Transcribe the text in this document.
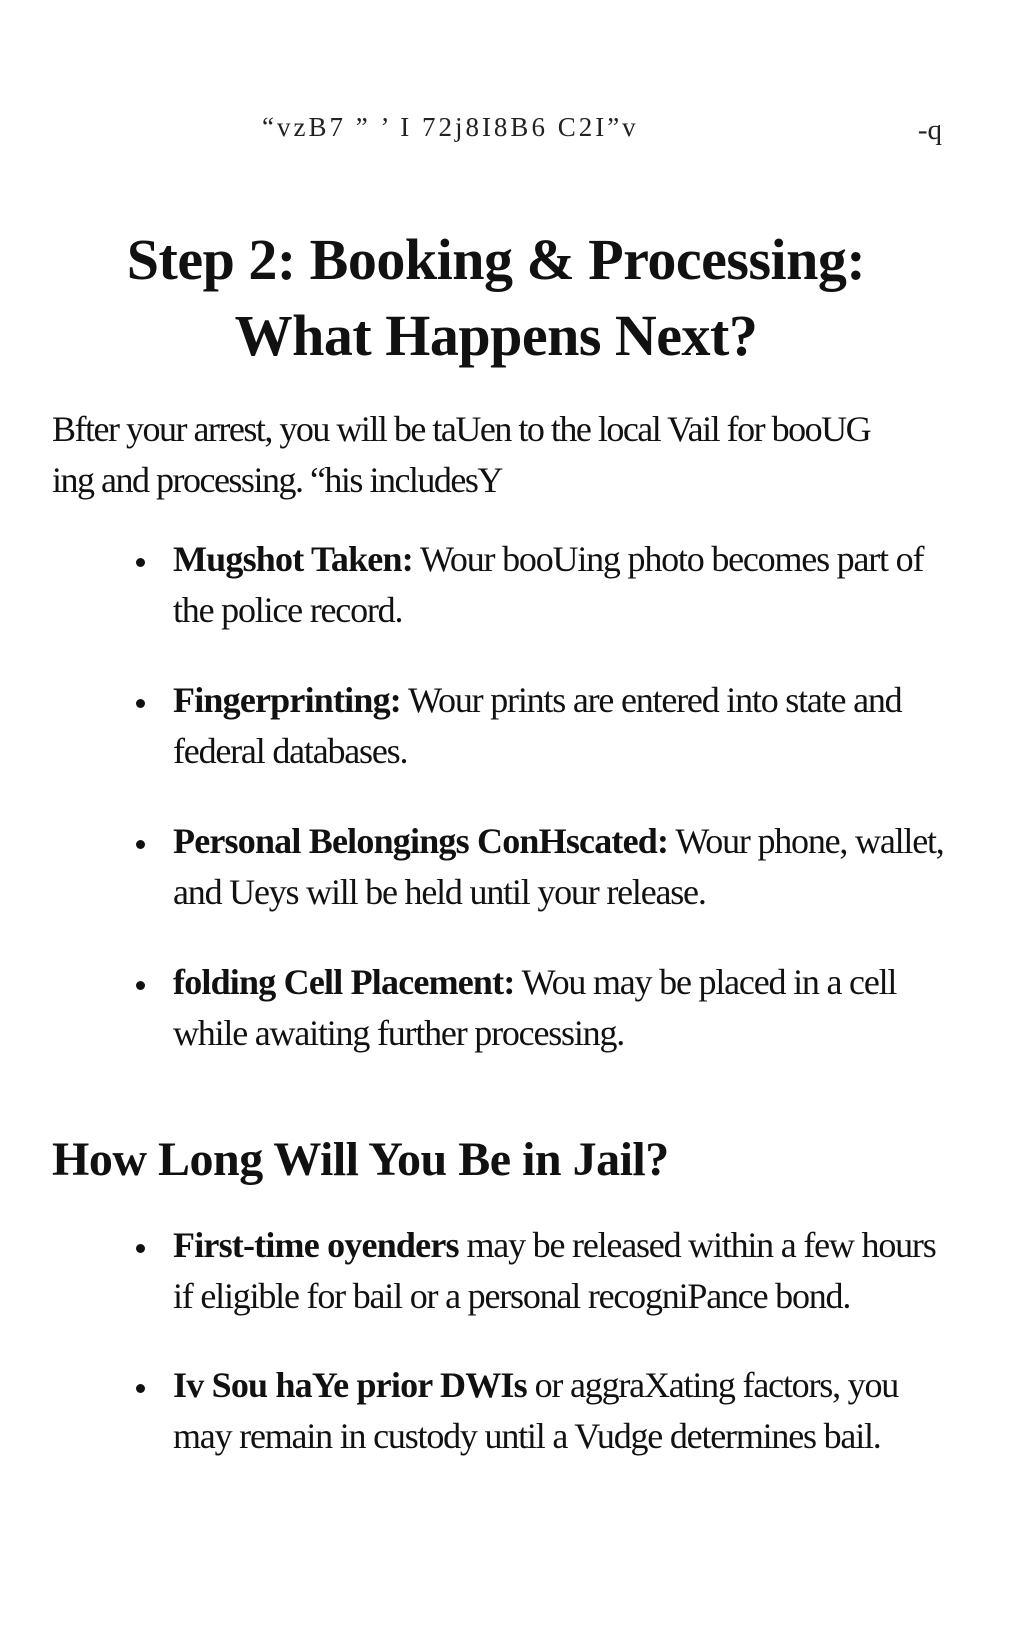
“vzB7 ” ’ I 72j8I8B6 C2I”v	-q
Step 2: Booking & Processing:
What Happens Next?

Bfter your arrest, you will be taUen to the local Vail for booUG
ing and processing. “his includesY

Mugshot Taken: Wour booUing photo becomes part of the police record.
Fingerprinting: Wour prints are entered into state and federal databases.
Personal Belongings ConHscated: Wour phone, wallet, and Ueys will be held until your release.
folding Cell Placement: Wou may be placed in a cell while awaiting further processing.
How Long Will You Be in Jail?
First-time oyenders may be released within a few hours if eligible for bail or a personal recogniPance bond.
Iv Sou haYe prior DWIs or aggraXating factors, you may remain in custody until a Vudge determines bail.
